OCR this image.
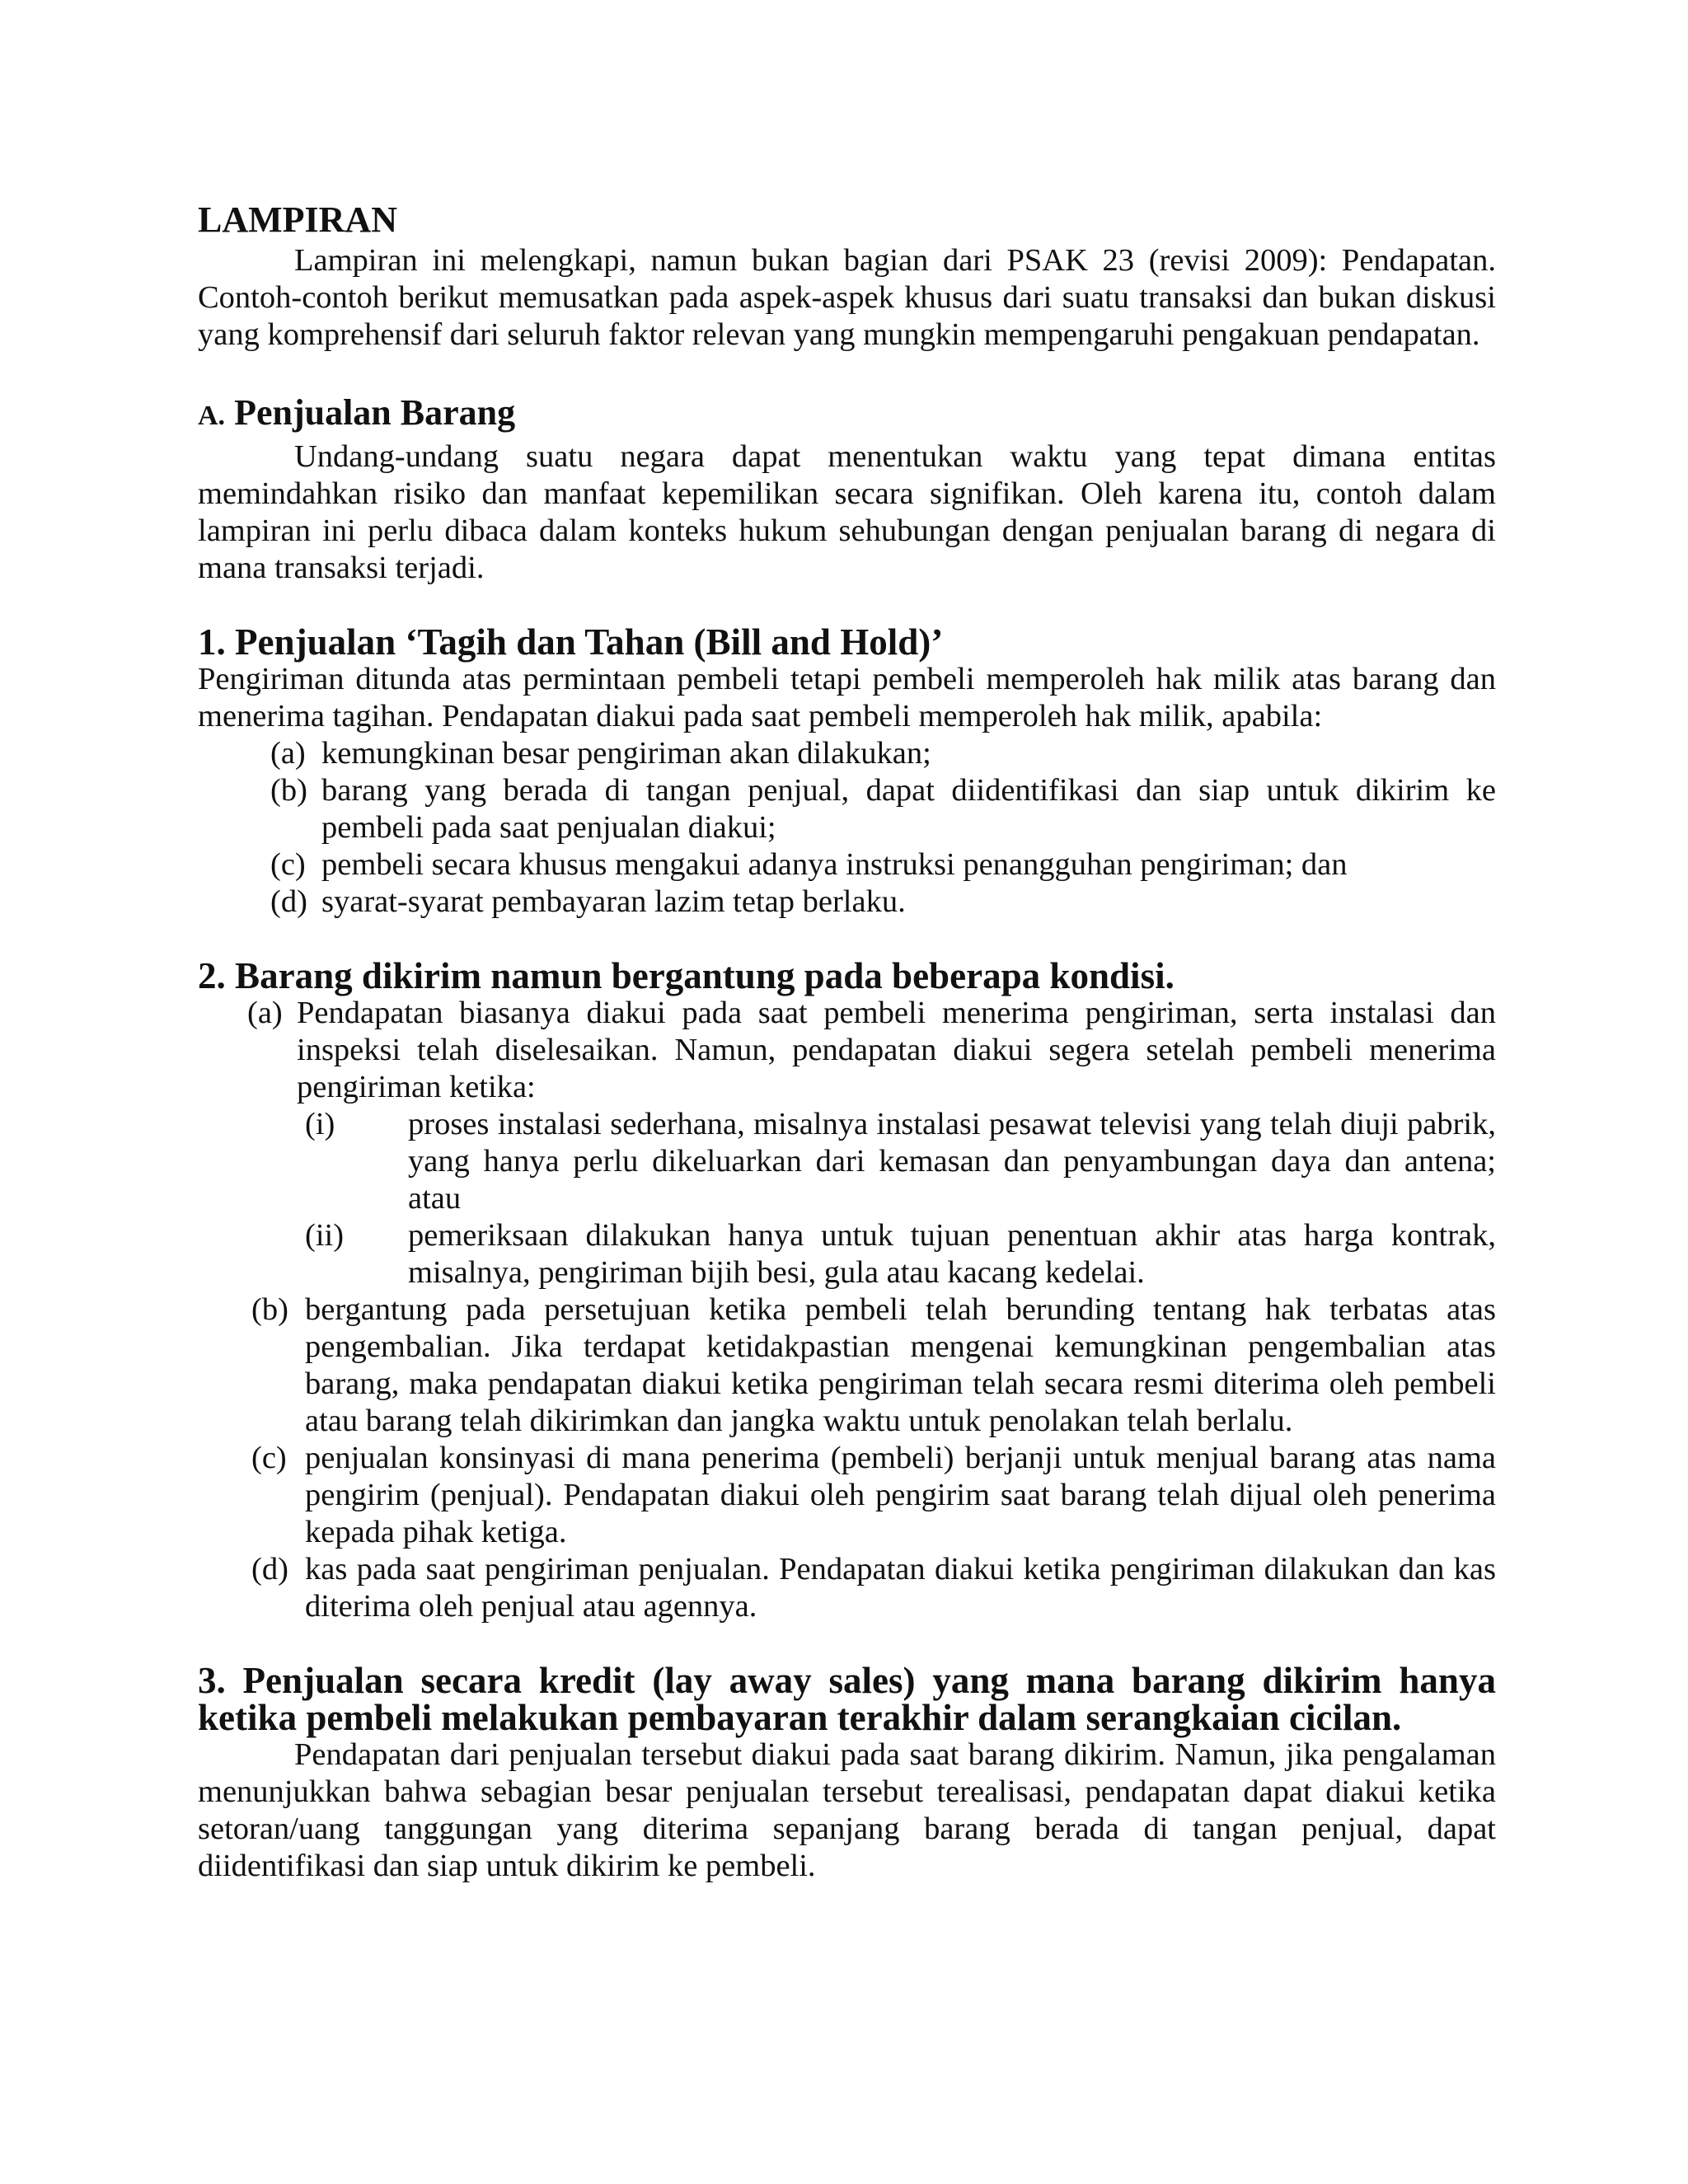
LAMPIRAN

Lampiran ini melengkapi, namun bukan bagian dari PSAK 23 (revisi 2009): Pendapatan. Contoh-contoh berikut memusatkan pada aspek-aspek khusus dari suatu transaksi dan bukan diskusi yang komprehensif dari seluruh faktor relevan yang mungkin mempengaruhi pengakuan pendapatan.

A. Penjualan Barang

Undang-undang suatu negara dapat menentukan waktu yang tepat dimana entitas memindahkan risiko dan manfaat kepemilikan secara signifikan. Oleh karena itu, contoh dalam lampiran ini perlu dibaca dalam konteks hukum sehubungan dengan penjualan barang di negara di mana transaksi terjadi.

1. Penjualan ‘Tagih dan Tahan (Bill and Hold)’

Pengiriman ditunda atas permintaan pembeli tetapi pembeli memperoleh hak milik atas barang dan menerima tagihan. Pendapatan diakui pada saat pembeli memperoleh hak milik, apabila:

(a) kemungkinan besar pengiriman akan dilakukan;
(b) barang yang berada di tangan penjual, dapat diidentifikasi dan siap untuk dikirim ke pembeli pada saat penjualan diakui;
(c) pembeli secara khusus mengakui adanya instruksi penangguhan pengiriman; dan
(d) syarat-syarat pembayaran lazim tetap berlaku.
2. Barang dikirim namun bergantung pada beberapa kondisi.
(a) Pendapatan biasanya diakui pada saat pembeli menerima pengiriman, serta instalasi dan inspeksi telah diselesaikan. Namun, pendapatan diakui segera setelah pembeli menerima pengiriman ketika:
(i) proses instalasi sederhana, misalnya instalasi pesawat televisi yang telah diuji pabrik, yang hanya perlu dikeluarkan dari kemasan dan penyambungan daya dan antena; atau
(ii) pemeriksaan dilakukan hanya untuk tujuan penentuan akhir atas harga kontrak, misalnya, pengiriman bijih besi, gula atau kacang kedelai.
(b) bergantung pada persetujuan ketika pembeli telah berunding tentang hak terbatas atas pengembalian. Jika terdapat ketidakpastian mengenai kemungkinan pengembalian atas barang, maka pendapatan diakui ketika pengiriman telah secara resmi diterima oleh pembeli atau barang telah dikirimkan dan jangka waktu untuk penolakan telah berlalu.
(c) penjualan konsinyasi di mana penerima (pembeli) berjanji untuk menjual barang atas nama pengirim (penjual). Pendapatan diakui oleh pengirim saat barang telah dijual oleh penerima kepada pihak ketiga.
(d) kas pada saat pengiriman penjualan. Pendapatan diakui ketika pengiriman dilakukan dan kas diterima oleh penjual atau agennya.
3. Penjualan secara kredit (lay away sales) yang mana barang dikirim hanya ketika pembeli melakukan pembayaran terakhir dalam serangkaian cicilan.

Pendapatan dari penjualan tersebut diakui pada saat barang dikirim. Namun, jika pengalaman menunjukkan bahwa sebagian besar penjualan tersebut terealisasi, pendapatan dapat diakui ketika setoran/uang tanggungan yang diterima sepanjang barang berada di tangan penjual, dapat diidentifikasi dan siap untuk dikirim ke pembeli.
